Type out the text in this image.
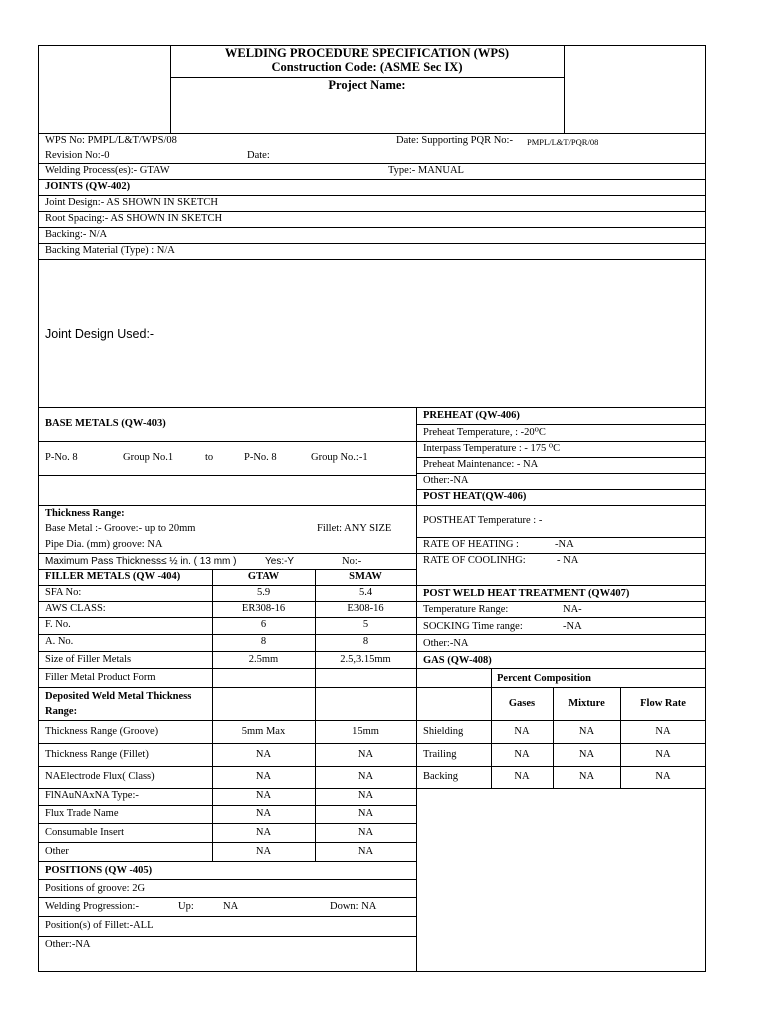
WELDING PROCEDURE SPECIFICATION (WPS)
Construction Code: (ASME Sec IX)
Project Name:
WPS No: PMPL/L&T/WPS/08	Date: Supporting PQR No:- PMPL/L&T/PQR/08
Revision No:-0	Date:
Welding Process(es):- GTAW	Type:- MANUAL
JOINTS (QW-402)
Joint Design:- AS SHOWN IN SKETCH
Root Spacing:- AS SHOWN IN SKETCH
Backing:- N/A
Backing Material (Type) : N/A
Joint Design Used:-
BASE METALS (QW-403)
P-No. 8	Group No.1	to	P-No. 8	Group No.:-1
Thickness Range:
Base Metal :- Groove:- up to 20mm	Fillet: ANY SIZE
Pipe Dia. (mm) groove: NA
Maximum Pass Thickness≤ ½ in. ( 13 mm )	Yes:-Y	No:-
PREHEAT (QW-406)
Preheat Temperature, : -20⁰C
Interpass Temperature : - 175 ⁰C
Preheat Maintenance: - NA
Other:-NA
POST HEAT(QW-406)
POSTHEAT Temperature : -
RATE OF HEATING :	-NA
RATE OF COOLINHG:	- NA
FILLER METALS (QW -404)	GTAW	SMAW
SFA No:	5.9	5.4
AWS CLASS:	ER308-16	E308-16
F. No.	6	5
A. No.	8	8
Size of Filler Metals	2.5mm	2.5,3.15mm
Filler Metal Product Form
Deposited Weld Metal Thickness Range:
Thickness Range (Groove)	5mm Max	15mm
Thickness Range (Fillet)	NA	NA
NAElectrode Flux( Class)	NA	NA
FlNAuNAxNA Type:-	NA	NA
Flux Trade Name	NA	NA
Consumable Insert	NA	NA
Other	NA	NA
POST WELD HEAT TREATMENT (QW407)
Temperature Range:	NA-
SOCKING Time range:	-NA
Other:-NA
GAS (QW-408)
Percent Composition
Gases	Mixture	Flow Rate
Shielding	NA	NA	NA
Trailing	NA	NA	NA
Backing	NA	NA	NA
POSITIONS (QW -405)
Positions of groove: 2G
Welding Progression:-	Up:	NA	Down: NA
Position(s) of Fillet:-ALL
Other:-NA
